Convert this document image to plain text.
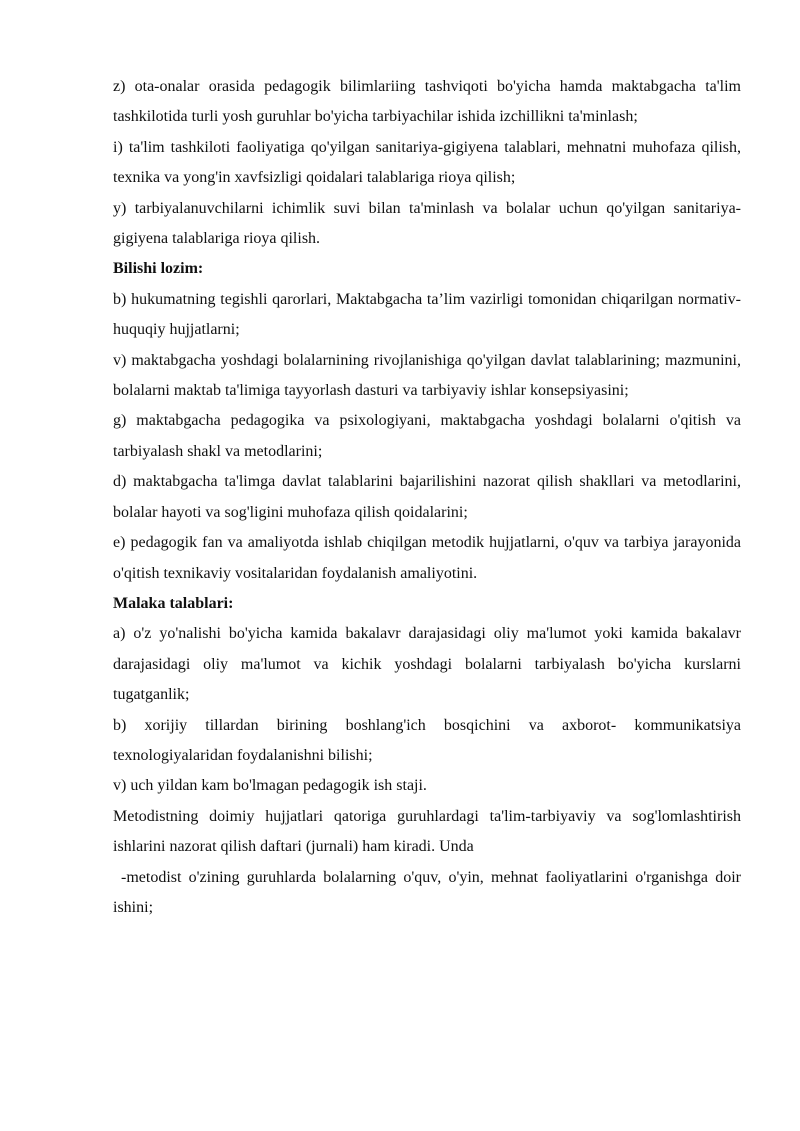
z) ota-onalar orasida pedagogik bilimlariing tashviqoti bo'yicha hamda maktabgacha ta'lim tashkilotida turli yosh guruhlar bo'yicha tarbiyachilar ishida izchillikni ta'minlash;

i) ta'lim tashkiloti faoliyatiga qo'yilgan sanitariya-gigiyena talablari, mehnatni muhofaza qilish, texnika va yong'in xavfsizligi qoidalari talablariga rioya qilish;

y) tarbiyalanuvchilarni ichimlik suvi bilan ta'minlash va bolalar uchun qo'yilgan sanitariya-gigiyena talablariga rioya qilish.

Bilishi lozim:

b) hukumatning tegishli qarorlari, Maktabgacha ta’lim vazirligi tomonidan chiqarilgan normativ-huquqiy hujjatlarni;

v) maktabgacha yoshdagi bolalarnining rivojlanishiga qo'yilgan davlat talablarining; mazmunini, bolalarni maktab ta'limiga tayyorlash dasturi va tarbiyaviy ishlar konsepsiyasini;

g) maktabgacha pedagogika va psixologiyani, maktabgacha yoshdagi bolalarni o'qitish va tarbiyalash shakl va metodlarini;

d) maktabgacha ta'limga davlat talablarini bajarilishini nazorat qilish shakllari va metodlarini, bolalar hayoti va sog'ligini muhofaza qilish qoidalarini;

e) pedagogik fan va amaliyotda ishlab chiqilgan metodik hujjatlarni, o'quv va tarbiya jarayonida o'qitish texnikaviy vositalaridan foydalanish amaliyotini.

Malaka talablari:

a) o'z yo'nalishi bo'yicha kamida bakalavr darajasidagi oliy ma'lumot yoki kamida bakalavr darajasidagi oliy ma'lumot va kichik yoshdagi bolalarni tarbiyalash bo'yicha kurslarni tugatganlik;

b) xorijiy tillardan birining boshlang'ich bosqichini va axborot- kommunikatsiya texnologiyalaridan foydalanishni bilishi;

v) uch yildan kam bo'lmagan pedagogik ish staji.

Metodistning doimiy hujjatlari qatoriga guruhlardagi ta'lim-tarbiyaviy va sog'lomlashtirish ishlarini nazorat qilish daftari (jurnali) ham kiradi. Unda

-metodist o'zining guruhlarda bolalarning o'quv, o'yin, mehnat faoliyatlarini o'rganishga doir ishini;
